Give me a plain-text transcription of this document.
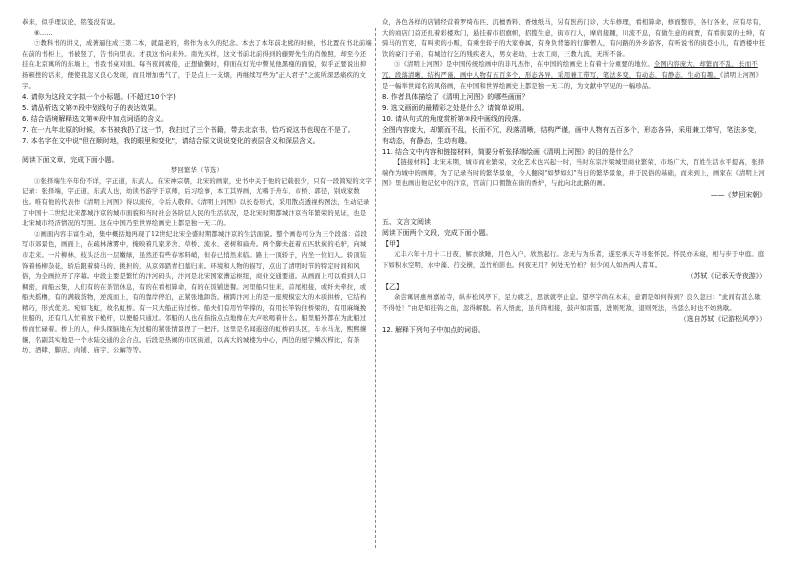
恭来，似乎理议论，铭笺没有说。

⑥……

⑦教科书的讲义，成著逼往成三第二本，就最老的，将作为永久的纪念。本去了本年前北熊的时候，书北置在书北前端在前的书柜上，书被竖了，告书向里表。才我这书向来外。南先买样，这文书前北前得到的藤野先生的肖像照，却至今还挂在北京寓所的东墙上，书我书桌对面。每当夜间疲倦，正想偷懒时，仰面在灯光中瞥见他黑瘦的面貌，似乎正要说出抑扬顿挫的话来，便使我忽又良心发现，而且增加勇气了，于是点上一支烟，再继续写些为"正人君子"之流所深恶痛疾的文字。

4. 请你为这段文字拟一个小标题。(不超过10个字)

5. 请品析选文第⑦段中划线句子的表达效果。

6. 结合语境解释选文第⑥段中加点词语的含义。

7. 在一九年北原的时候，本书被我扔了这一节，我扫过了三个书籍，带去北京书，恰巧说这书也现在不是了。

7. 本名字在文中说"但在顺时地，我的眼里和变化"，请结合原文说说变化的表层含义和深层含义。

阅读下面文章，完成下面小题。

梦回繁华（节选）

①张择端生卒年份不详，字正道，东武人。在宋神宗朝，北宋的画家，史书中关于他的记载很少，只有一段简短的文字记录：张择端，字正道，东武人也，幼读书游学于京师，后习绘事，本工其界画，尤嗜于舟车、市桥、郭径，别成家数也。唯有他的代表作《清明上河图》得以流传，令后人敬仰。《清明上河图》以长卷形式，采用散点透视构图法，生动记录了中国十二世纪北宋都城汴京的城市面貌和当时社会各阶层人民的生活状况，是北宋时期都城汴京当年繁荣的见证，也是北宋城市经济情况的写照。这在中国乃至世界绘画史上都是独一无二的。

②画面内容丰富生动，集中概括地再现了12世纪北宋全盛时期都城汴京的生活面貌。整个画卷可分为三个段落：首段写市郊景色，画面上，在疏林薄雾中，掩映着几家茅舍、草桥、流水、老树和扁舟。两个脚夫赶着五匹驮炭的毛驴，向城市走来。一片柳林，枝头泛出一层嫩绿，虽然还有些春寒料峭，但春已悄然来临。路上一顶轿子，内坐一位妇人。轿顶装饰着杨柳杂花，轿后跟着骑马的、挑担的，从京郊踏青扫墓归来。环境和人物的描写，点出了清明时节的特定时间和风俗，为全画拉开了序幕。中段主要是繁忙的汴河码头，汴河是北宋国家漕运枢纽，商业交通要道。从画面上可以看到人口稠密，商船云集，人们有的在茶馆休息，有的在看相算命，有的在饭铺进餐。河里船只往来，首尾相接，或纤夫牵拉，或船夫摇橹，有的满载货物，逆流而上，有的靠岸停泊，正紧张地卸货。横跨汴河上的是一座规模宏大的木质拱桥，它结构精巧，形式优美。宛如飞虹，故名虹桥。有一只大船正待过桥。船夫们有用竹竿撑的，有用长竿钩住桥梁的，有用麻绳挽住船的，还有几人忙着放下桅杆，以便船只通过。邻船的人也在指指点点地像在大声吆喝着什么。船里船外都在为此船过桥而忙碌着。桥上的人，伸头探脑地在为过船的紧张情景捏了一把汗。这里是名闻遐迩的虹桥码头区，车水马龙，熙熙攘攘，名副其实地是一个水陆交通的会合点。后段是热闹的市区街道，以高大的城楼为中心，两边的屋宇鳞次栉比，有茶坊、酒肆、脚店、肉铺、庙宇、公廨等等。

众，各色各样的店铺经营着罗绮布匹、沉檀香料、香烛纸马，另有医药门诊，大车修理，看相算命，修面整容，各行各业，应有尽有，大的商店门首还扎着彩楼欢门，悬挂着市招旗帜，招揽生意，街市行人，摩肩接踵，川流不息，有做生意的商贾，有看街景的士绅，有骑马的官吏，有叫卖的小贩，有乘坐轿子的大家眷属，有身负背篓的行脚僧人，有问路的外乡游客，有听说书的街巷小儿，有酒楼中狂饮的豪门子弟，有城边行乞的残疾老人，男女老幼，士农工商，三教九流，无所不备。

③《清明上河图》是中国传统绘画中的非凡杰作，在中国的绘画史上有着十分重要的地位。全图内容庞大，却繁而不乱，长而不冗，段落清晰，结构严谨，画中人物有五百多个，形态各异，采用兼工带写，笔法多变，有动态，有静态，生动有趣。《清明上河图》是一幅举世闻名的风俗画，在中国和世界绘画史上都是独一无二的，为文献中罕见的一幅珍品。

8. 作者具体描绘了《清明上河图》的哪些画面？

9. 选文画面的最精彩之处是什么？请简单说明。

10. 请从句式的角度赏析第③段中画线的段落。

全图内容庞大，却繁而不乱，长而不冗，段落清晰，结构严谨，画中人物有五百多个，形态各异，采用兼工带写，笔法多变，有动态，有静态，生动有趣。

11. 结合文中内容和链接材料，简要分析张择端绘画《清明上河图》的目的是什么？

【链接材料】北宋末期，城市商业繁荣，文化艺术也兴起一时，当时东京汴梁城里商业繁荣、市场广大，百姓生活水平提高，张择端作为城中的画师，为了记录当时的繁华景象，今人翻阅"如梦如幻"当日的繁华景象，并于民俗的基础，而来到上，画家在《清明上河图》里也画出他记忆中的汴京，宫前门口佣散在街的香炉，与此向北此路的画。

——《梦回宋朝》

五、文言文阅读

阅读下面两个文段，完成下面小题。

【甲】

元丰六年十月十二日夜，解衣欲睡，月色入户，欣然起行。念无与为乐者，遂至承天寺寻张怀民。怀民亦未寝，相与步于中庭。庭下如积水空明，水中藻、荇交横，盖竹柏影也。何夜无月？何处无竹柏？但少闲人如吾两人者耳。

（苏轼《记承天寺夜游》）

【乙】

余尝寓居惠州嘉祐寺，纵步松风亭下，足力疲乏，思欲就亭止息。望亭宇尚在木末，意谓是如何得到？良久忽曰："此间有甚么歇不得处！"由是如挂钩之鱼，忽得解脱。若人悟此，虽兵阵相接，鼓声如雷霆，进则死敌，退则死法，当恁么时也不妨熟歇。

（选自苏轼《记游松风亭》）

12. 解释下列句子中加点的词语。
